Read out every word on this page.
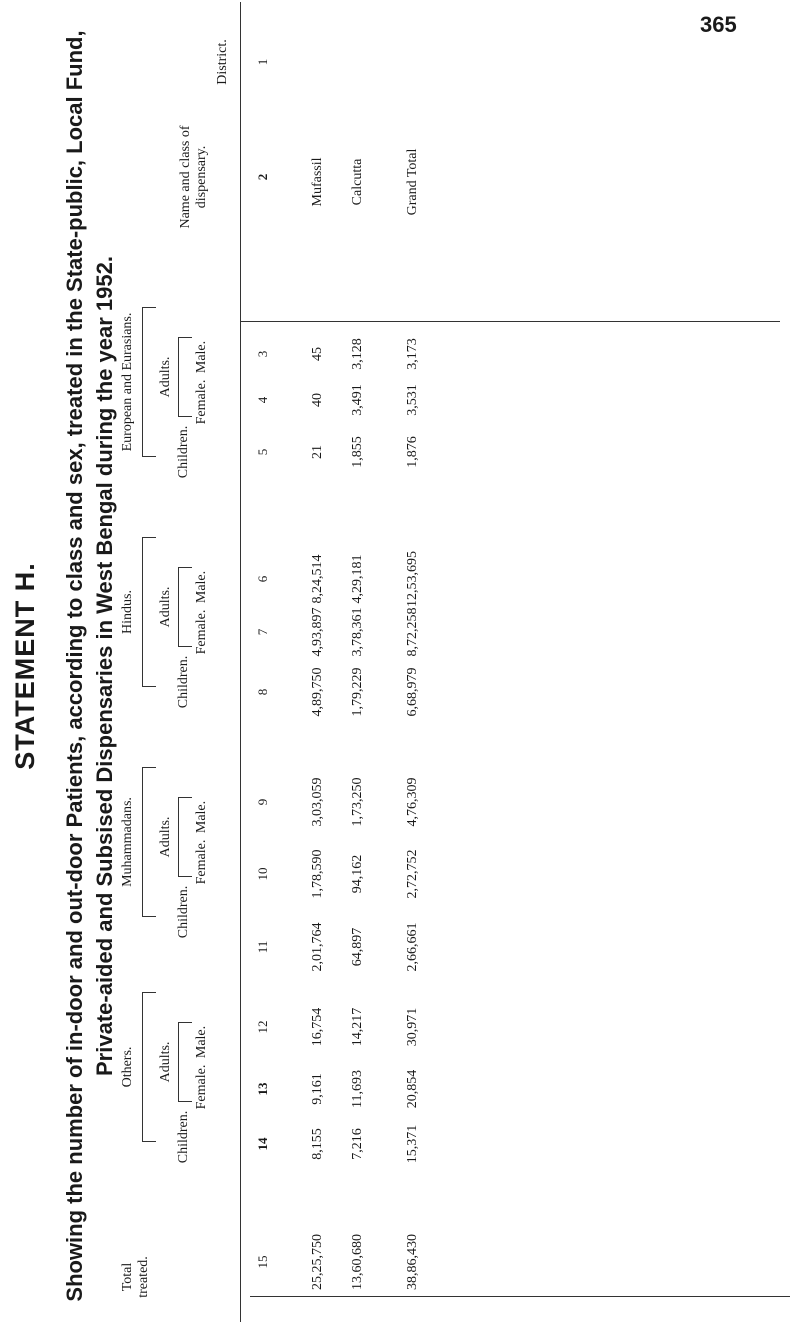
365
STATEMENT H. Showing the number of in-door and out-door Patients, according to class and sex, treated in the State-public, Local Fund, Private-aided and Subsised Dispensaries in West Bengal during the year 1952.
District.
Name and class of dispensary.
European and Eurasians.
Hindus.
Muhammadans.
Others.
Total treated.
Adults.
Adults.
Adults.
Adults.
Male.
Female.
Children.
Male.
Female.
Children.
Male.
Female.
Children.
Male.
Female.
Children.
1
2
3
4
5
6
7
8
9
10
11
12
13
14
15
Mufassil
45
40
21
8,24,514
4,93,897
4,89,750
3,03,059
1,78,590
2,01,764
16,754
9,161
8,155
25,25,750
Calcutta
3,128
3,491
1,855
4,29,181
3,78,361
1,79,229
1,73,250
94,162
64,897
14,217
11,693
7,216
13,60,680
Grand Total
3,173
3,531
1,876
12,53,695
8,72,258
6,68,979
4,76,309
2,72,752
2,66,661
30,971
20,854
15,371
38,86,430
